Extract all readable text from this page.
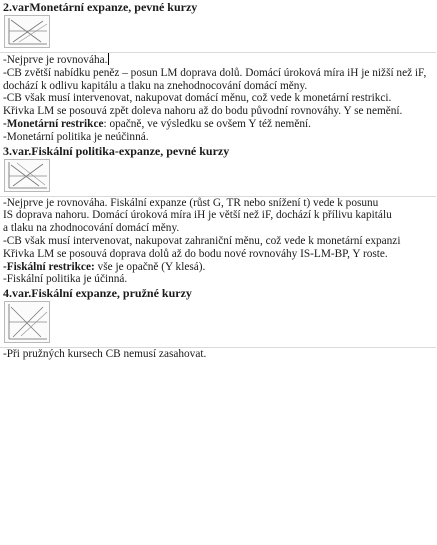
2.varMonetární expanze, pevné kurzy

-Nejprve je rovnováha.

-CB zvětší nabídku peněz – posun LM doprava dolů. Domácí úroková míra iH je nižší než iF, dochází k odlivu kapitálu a tlaku na znehodnocování domácí měny.

-CB však musí intervenovat, nakupovat domácí měnu, což vede k monetární restrikci.

Křivka LM se posouvá zpět doleva nahoru až do bodu původní rovnováhy. Y se nemění.

-Monetární restrikce: opačně, ve výsledku se ovšem Y též nemění.

-Monetární politika je neúčinná.

3.var.Fiskální politika-expanze, pevné kurzy

-Nejprve je rovnováha. Fiskální expanze (růst G, TR nebo snížení t) vede k posunu

IS doprava nahoru. Domácí úroková míra iH je větší než iF, dochází k přílivu kapitálu

a tlaku na zhodnocování domácí měny.

-CB však musí intervenovat, nakupovat zahraniční měnu, což vede k monetární expanzi

Křivka LM se posouvá doprava dolů až do bodu nové rovnováhy IS-LM-BP, Y roste.

-Fiskální restrikce: vše je opačně (Y klesá).

-Fiskální politika je účinná.

4.var.Fiskální expanze, pružné kurzy

-Při pružných kursech CB nemusí zasahovat.
